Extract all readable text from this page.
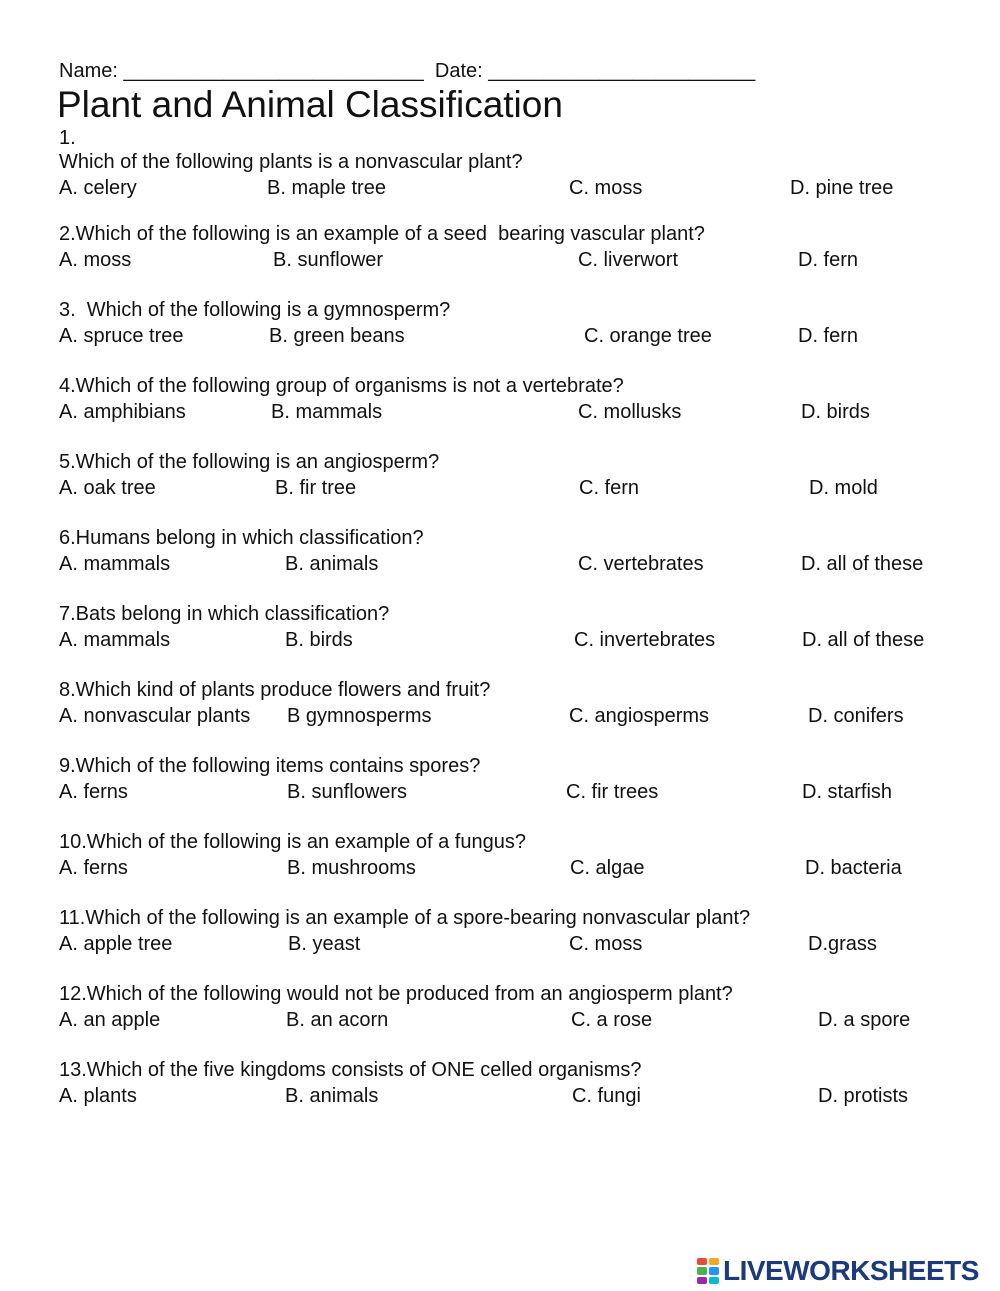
Name: ___________________________  Date: ________________________
Plant and Animal Classification
1.
Which of the following plants is a nonvascular plant?
A. celery	B. maple tree	C. moss	D. pine tree
2.Which of the following is an example of a seed  bearing vascular plant?
A. moss	B. sunflower	C. liverwort	D. fern
3.  Which of the following is a gymnosperm?
A. spruce tree	B. green beans	C. orange tree	D. fern
4.Which of the following group of organisms is not a vertebrate?
A. amphibians	B. mammals	C. mollusks	D. birds
5.Which of the following is an angiosperm?
A. oak tree	B. fir tree	C. fern	D. mold
6.Humans belong in which classification?
A. mammals	B. animals	C. vertebrates	D. all of these
7.Bats belong in which classification?
A. mammals	B. birds	C. invertebrates	D. all of these
8.Which kind of plants produce flowers and fruit?
A. nonvascular plants B gymnosperms	C. angiosperms	D. conifers
9.Which of the following items contains spores?
A. ferns	B. sunflowers	C. fir trees	D. starfish
10.Which of the following is an example of a fungus?
A. ferns	B. mushrooms	C. algae	D. bacteria
11.Which of the following is an example of a spore-bearing nonvascular plant?
A. apple tree	B. yeast	C. moss	D.grass
12.Which of the following would not be produced from an angiosperm plant?
A. an apple	B. an acorn	C. a rose	D. a spore
13.Which of the five kingdoms consists of ONE celled organisms?
A. plants	B. animals	C. fungi	D. protists
LIVEWORKSHEETS
